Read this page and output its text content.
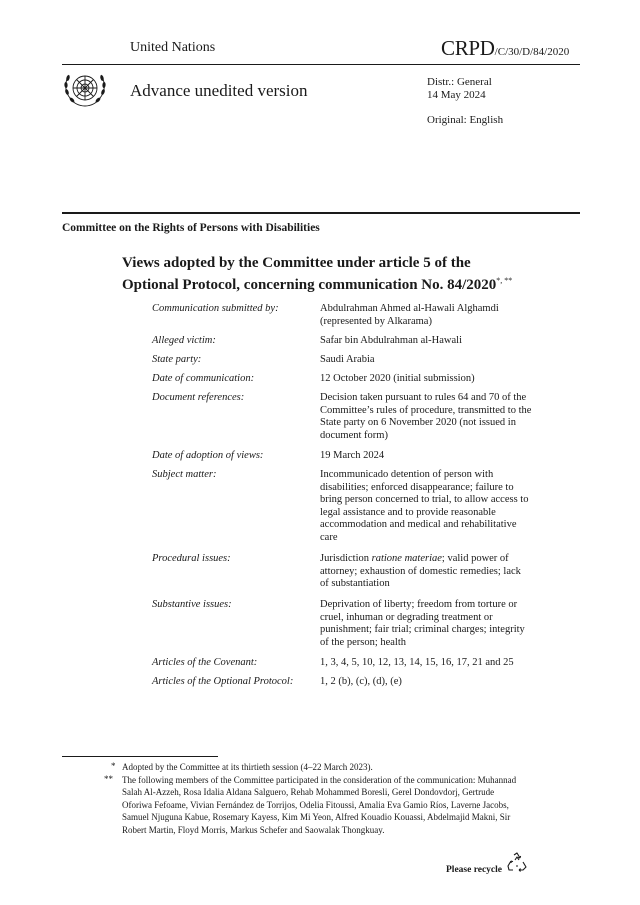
United Nations	CRPD/C/30/D/84/2020
Advance unedited version	Distr.: General
14 May 2024
Original: English
Committee on the Rights of Persons with Disabilities
Views adopted by the Committee under article 5 of the
Optional Protocol, concerning communication No. 84/2020*, **
Communication submitted by:	Abdulrahman Ahmed al-Hawali Alghamdi (represented by Alkarama)
Alleged victim:	Safar bin Abdulrahman al-Hawali
State party:	Saudi Arabia
Date of communication:	12 October 2020 (initial submission)
Document references:	Decision taken pursuant to rules 64 and 70 of the Committee’s rules of procedure, transmitted to the State party on 6 November 2020 (not issued in document form)
Date of adoption of views:	19 March 2024
Subject matter:	Incommunicado detention of person with disabilities; enforced disappearance; failure to bring person concerned to trial, to allow access to legal assistance and to provide reasonable accommodation and medical and rehabilitative care
Procedural issues:	Jurisdiction ratione materiae; valid power of attorney; exhaustion of domestic remedies; lack of substantiation
Substantive issues:	Deprivation of liberty; freedom from torture or cruel, inhuman or degrading treatment or punishment; fair trial; criminal charges; integrity of the person; health
Articles of the Covenant:	1, 3, 4, 5, 10, 12, 13, 14, 15, 16, 17, 21 and 25
Articles of the Optional Protocol:	1, 2 (b), (c), (d), (e)
* Adopted by the Committee at its thirtieth session (4–22 March 2023).
** The following members of the Committee participated in the consideration of the communication: Muhannad Salah Al-Azzeh, Rosa Idalia Aldana Salguero, Rehab Mohammed Boresli, Gerel Dondovdorj, Gertrude Oforiwa Fefoame, Vivian Fernández de Torrijos, Odelia Fitoussi, Amalia Eva Gamio Ríos, Laverne Jacobs, Samuel Njuguna Kabue, Rosemary Kayess, Kim Mi Yeon, Alfred Kouadio Kouassi, Abdelmajid Makni, Sir Robert Martin, Floyd Morris, Markus Schefer and Saowalak Thongkuay.
Please recycle
